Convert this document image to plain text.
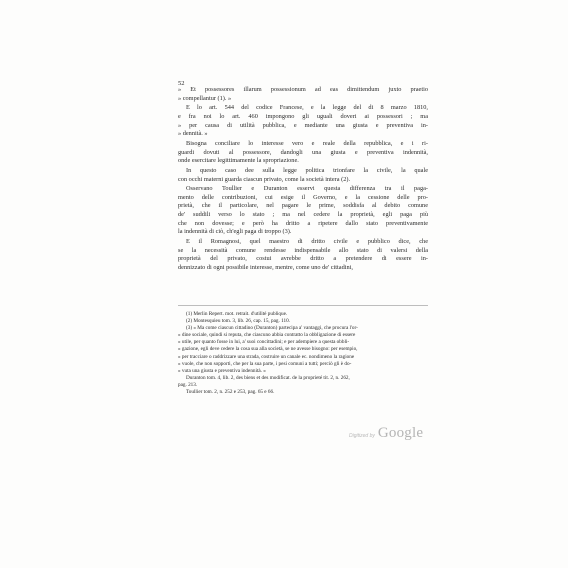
52
» Et possessores illarum possessionum ad eas dimittendum juxto praetio
» compellantur (1). »
E lo art. 544 del codice Francese, e la legge del di 8 marzo 1810,
e fra noi lo art. 460 impongono gli uguali doveri ai possessori ; ma
» per causa di utilità pubblica, e mediante una giusta e preventiva in-
» dennità. »
Bisogna conciliare lo interesse vero e reale della repubblica, e i ri-
guardi dovuti al possessore, dandogli una giusta e preventiva indennità,
onde esercitare legittimamente la spropriazione.
In questo caso dee sulla legge politica trionfare la civile, la quale
con occhi materni guarda ciascun privato, come la società intera (2).
Osservano Toullier e Duranton esservi questa differenza tra il paga-
mento delle contribuzioni, cui esige il Governo, e la cessione delle pro-
prietà, che il particolare, nel pagare le prime, soddisfa al debito comune
de' suddili verso lo stato ; ma nel cedere la proprietà, egli paga più
che non dovesse; e però ha dritto a ripetere dallo stato preventivamente
la indennità di ciò, ch'egli paga di troppo (3).
E il Romagnosi, quel maestro di dritto civile e pubblico dice, che
se la necessità comune rendesse indispensabile allo stato di valersi della
proprietà del privato, costui avrebbe dritto a pretendere di essere in-
dennizzato di ogni possibile interesse, mentre, come uno de' cittadini,
(1) Merlin Repert. mot. retrait. d'utilité publique.
(2) Montesquieu tom. 3, lib. 26, cap. 15, pag. 110.
(3) » Ma come ciascun cittadino (Duranton) partecipa a' vantaggi, che procura l'or-
» dine sociale, quindi si reputa, che ciascuno abbia contratto la obbligazione di essere
» utile, per quanto fosse in lui, a' suoi concittadini; e per adempiere a questa obbli-
» gazione, egli deve cedere la cosa sua alla società, se ne avesse bisogno: per esempio,
» per tracciare o raddrizzare una strada, costruire un canale ec. nondimeno la ragione
» vuole, che non sopporti, che per la sua parte, i pesi comuni a tutti; perciò gli è do-
» vuta una giusta e preventiva indennità. »
Duranton tom. 4, lib. 2, des biens et des modificat. de la proprieté tit. 2, n. 262,
pag. 213.
Toullier tom. 2, n. 252 e 253, pag. 65 e 66.
Digitized by Google
